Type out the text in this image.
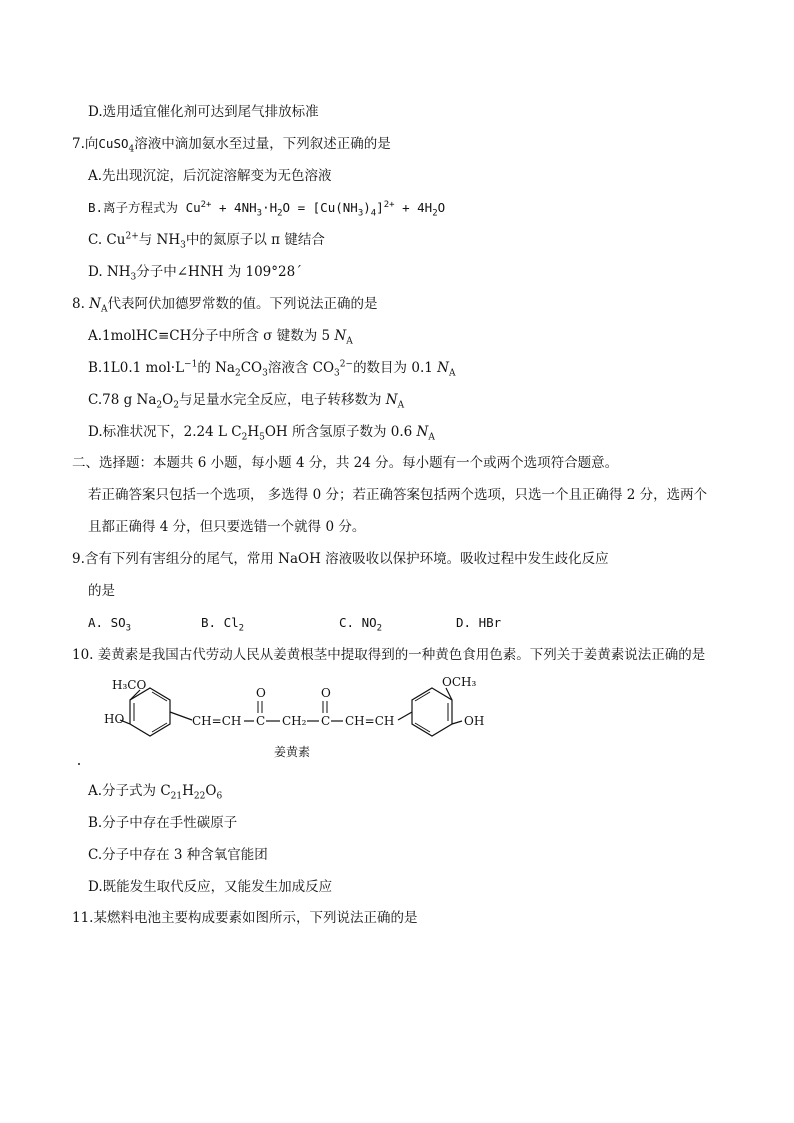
D.选用适宜催化剂可达到尾气排放标准
7.向CuSO$_4$溶液中滴加氨水至过量，下列叙述正确的是
A.先出现沉淀，后沉淀溶解变为无色溶液
B.离子方程式为 $Cu^{2+} + 4NH_3\cdot H_2O = [Cu(NH_3)_4]^{2+} + 4H_2O$
C. $Cu^{2+}$与 $NH_3$中的氮原子以 π 键结合
D. $NH_3$分子中∠HNH 为 109°28´
8. $N_A$代表阿伏加德罗常数的值。下列说法正确的是
A.1molHC≡CH分子中所含 σ 键数为 5 $N_A$
B.1L0.1 $mol\cdot L^{-1}$的 $Na_2CO_3$溶液含 $CO_3^{2-}$的数目为 0.1 $N_A$
C.78 g $Na_2O_2$与足量水完全反应，电子转移数为 $N_A$
D.标准状况下，2.24 L $C_2H_5OH$ 所含氢原子数为 0.6 $N_A$
二、选择题：本题共 6 小题，每小题 4 分，共 24 分。每小题有一个或两个选项符合题意。
若正确答案只包括一个选项， 多选得 0 分；若正确答案包括两个选项，只选一个且正确得 2 分，选两个
且都正确得 4 分，但只要选错一个就得 0 分。
9.含有下列有害组分的尾气，常用 NaOH 溶液吸收以保护环境。吸收过程中发生歧化反应
的是
A. $SO_3$	B. $Cl_2$	C. $NO_2$	D. HBr
10. 姜黄素是我国古代劳动人民从姜黄根茎中提取得到的一种黄色食用色素。下列关于姜黄素说法正确的是
H₃CO
HO	CH=CH C
O
CH₂ C
O
CH=CH
OCH₃
OH
姜黄素
A.分子式为 $C_{21}H_{22}O_6$
B.分子中存在手性碳原子
C.分子中存在 3 种含氧官能团
D.既能发生取代反应，又能发生加成反应
11.某燃料电池主要构成要素如图所示，下列说法正确的是
